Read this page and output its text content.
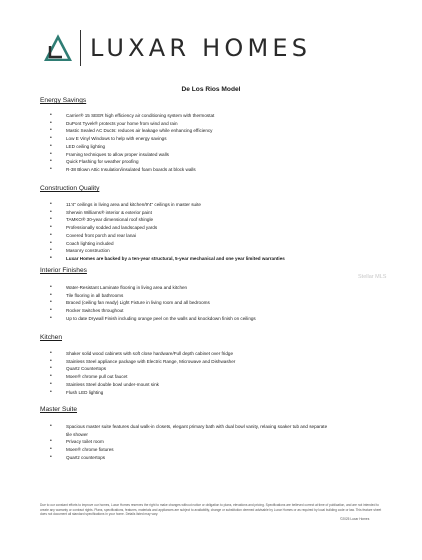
LUXAR HOMES
De Los Rios Model
Energy Savings
• Carrier® 15 SEER high efficiency air conditioning system with thermostat
• DuPont Tyvek® protects your home from wind and rain
• Mastic Sealed AC Ducts: reduces air leakage while enhancing efficiency
• Low E Vinyl Windows to help with energy savings
• LED ceiling lighting
• Framing techniques to allow proper insulated walls
• Quick Flashing for weather proofing
• R-38 Blown Attic Insulation/insulated foam boards at block walls
Construction Quality
• 11'4" ceilings in living area and kitchen/9'4" ceilings in master suite
• Sherwin Williams® interior & exterior paint
• TAMKO® 30-year dimensional roof shingle
• Professionally sodded and landscaped yards
• Covered front porch and rear lanai
• Coach lighting included
• Masonry construction
• Luxar Homes are backed by a ten-year structural, 5-year mechanical and one year limited warranties
Interior Finishes
• Water-Resistant Laminate flooring in living area and kitchen
• Tile flooring in all bathrooms
• Braced (ceiling fan ready) Light Fixture in living room and all bedrooms
• Rocker Switches throughout
• Up to date Drywall Finish including orange peel on the walls and knockdown finish on ceilings
Stellar MLS
Kitchen
• Shaker solid wood cabinets with soft close hardware/Full depth cabinet over fridge
• Stainless Steel appliance package with Electric Range, Microwave and Dishwasher
• Quartz Countertops
• Moen® chrome pull out faucet
• Stainless Steel double bowl under-mount sink
• Flush LED lighting
Master Suite
• Spacious master suite features dual walk-in closets, elegant primary bath with dual bowl vanity, relaxing soaker tub and separate tile shower
• Privacy toilet room
• Moen® chrome fixtures
• Quartz countertops
Due to our constant efforts to improve our homes, Luxar Homes reserves the right to make changes without notice or obligation to plans, elevations and pricing. Specifications are believed correct at time of publication, and are not intended to create any warranty or contract rights. Plans, specifications, features, materials and appliances are subject to availability, change or substitution deemed advisable by Luxar Homes or as required by local building code or law. This feature sheet does not document all standard specifications in your home. Details listed may vary.
©2025 Luxar Homes
